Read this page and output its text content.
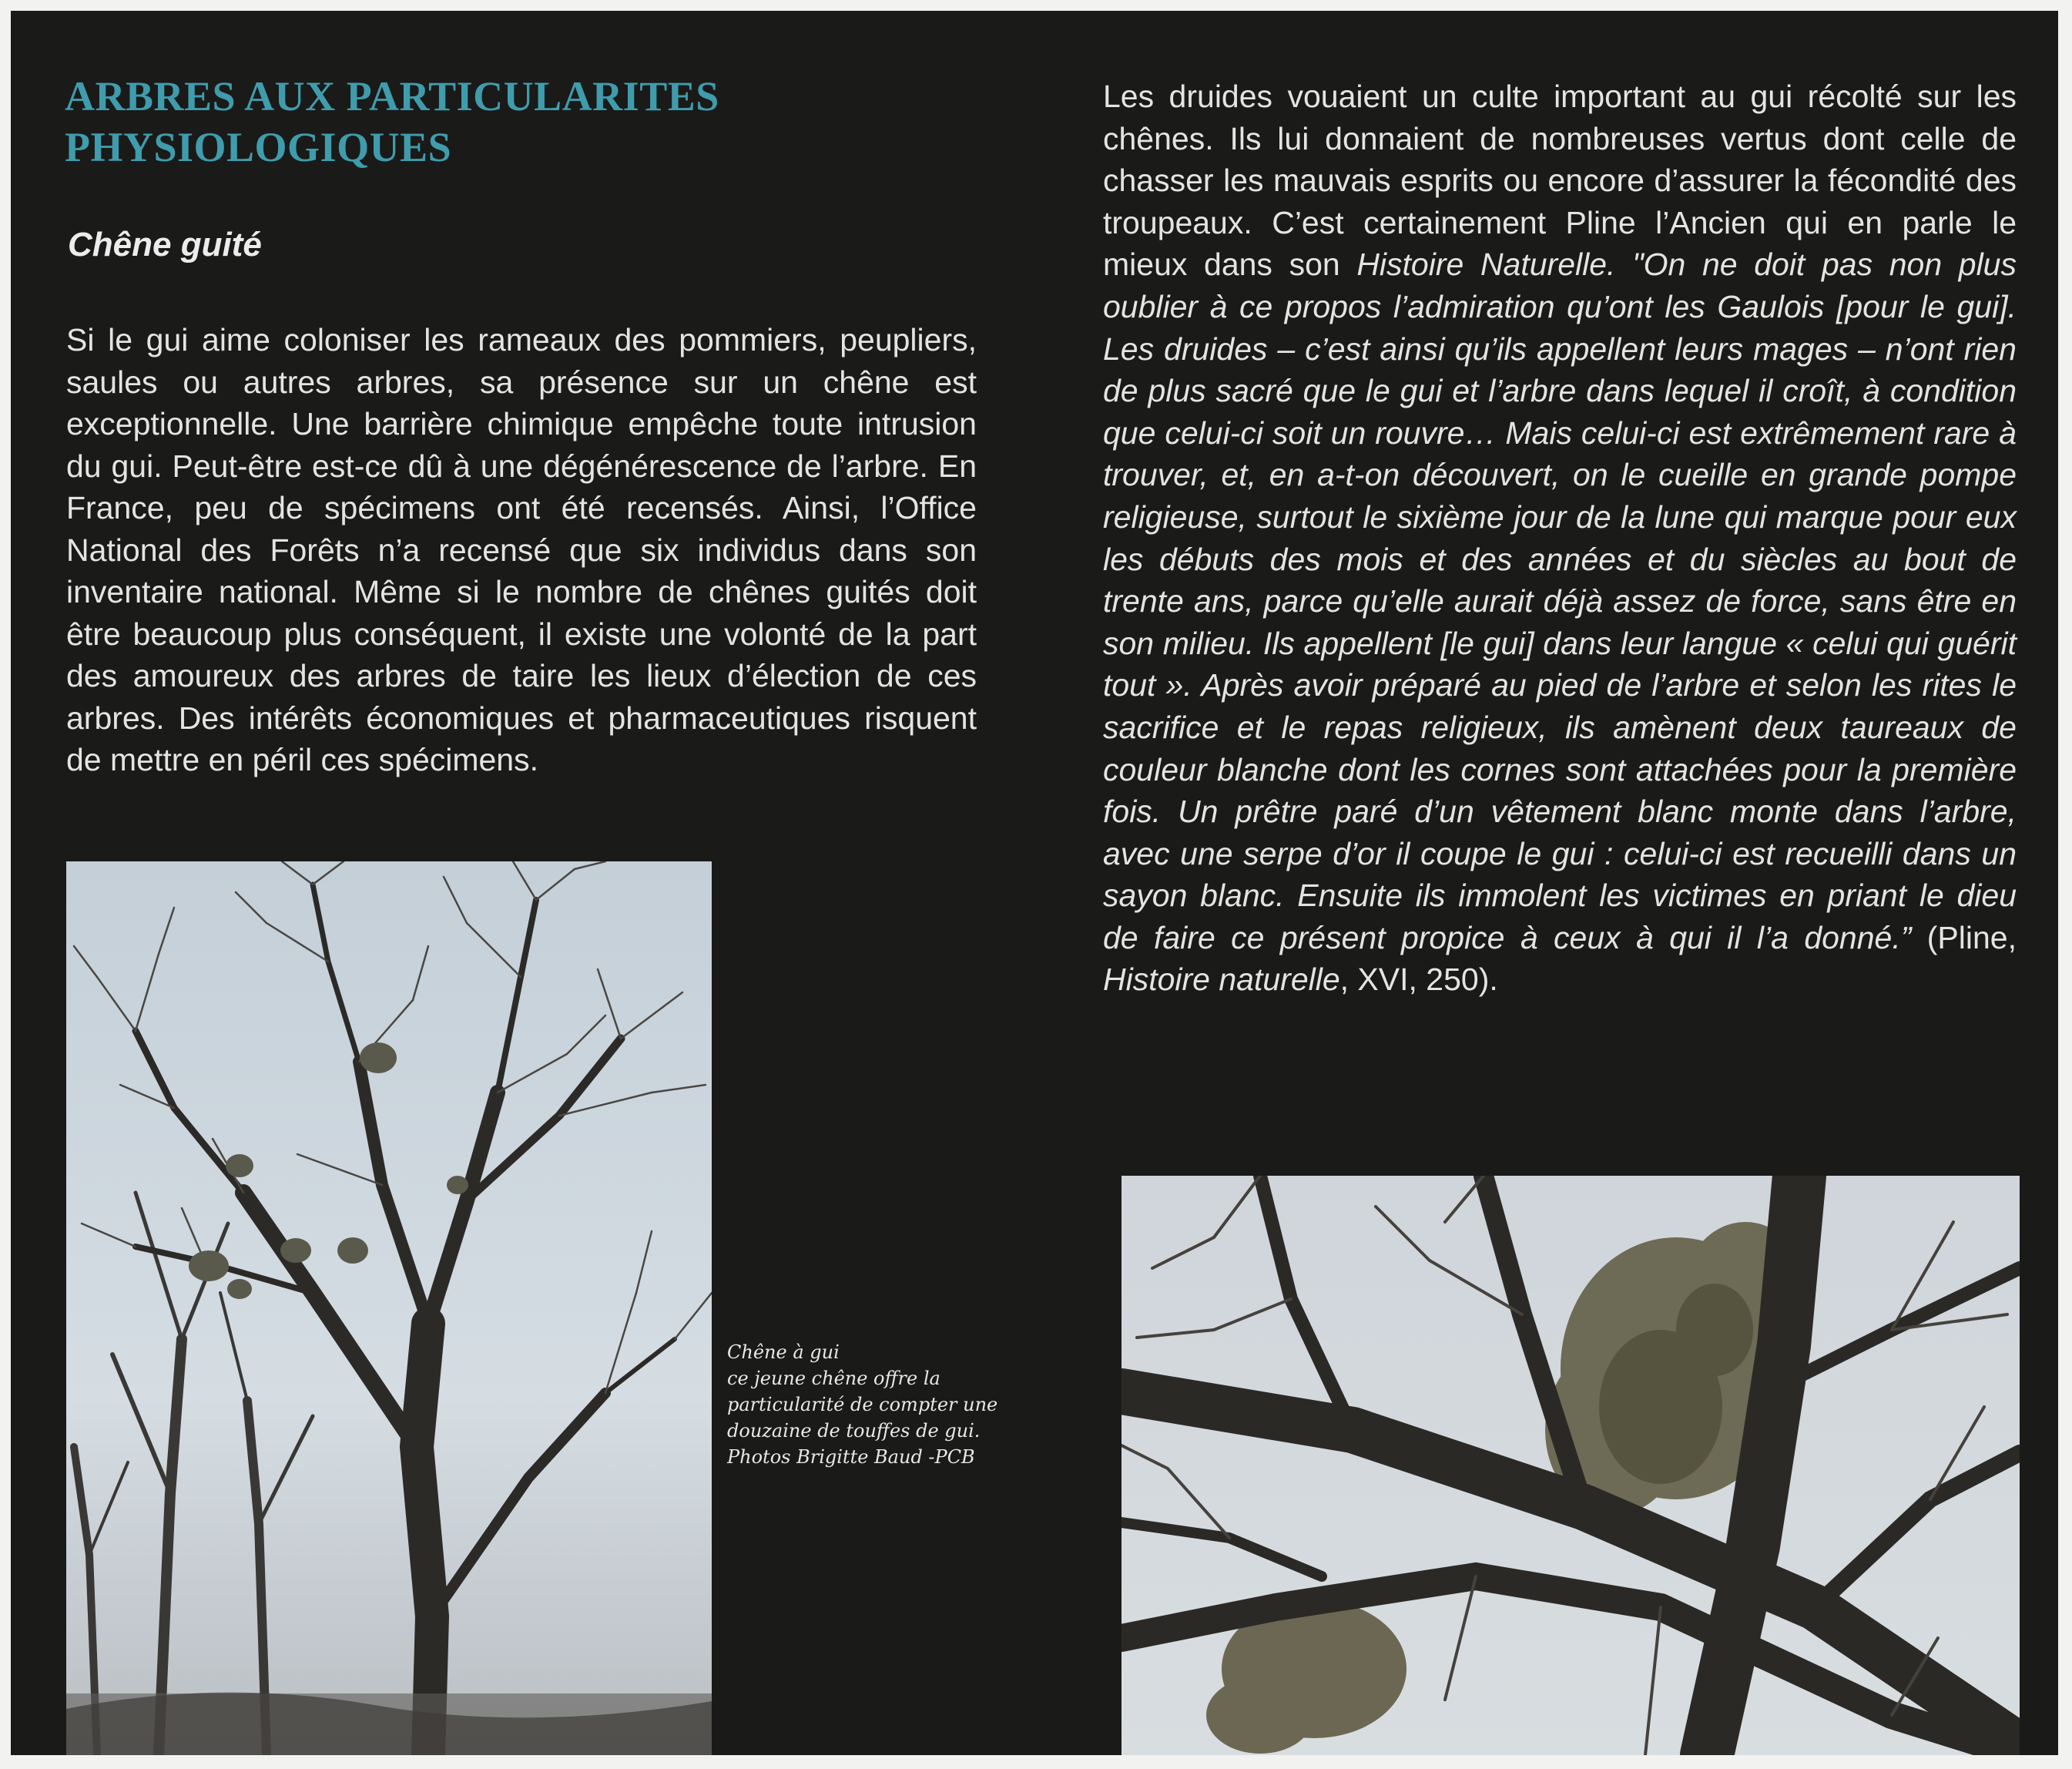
ARBRES AUX PARTICULARITES PHYSIOLOGIQUES
Chêne guité

Si le gui aime coloniser les rameaux des pommiers, peupliers, saules ou autres arbres, sa présence sur un chêne est exceptionnelle. Une barrière chimique empêche toute intrusion du gui. Peut-être est-ce dû à une dégénérescence de l’arbre. En France, peu de spécimens ont été recensés. Ainsi, l’Office National des Forêts n’a recensé que six individus dans son inventaire national. Même si le nombre de chênes guités doit être beaucoup plus conséquent, il existe une volonté de la part des amoureux des arbres de taire les lieux d’élection de ces arbres. Des intérêts économiques et pharmaceutiques risquent de mettre en péril ces spécimens.

Les druides vouaient un culte important au gui récolté sur les chênes. Ils lui donnaient de nombreuses vertus dont celle de chasser les mauvais esprits ou encore d’assurer la fécondité des troupeaux. C’est certainement Pline l’Ancien qui en parle le mieux dans son Histoire Naturelle. "On ne doit pas non plus oublier à ce propos l’admiration qu’ont les Gaulois [pour le gui]. Les druides – c’est ainsi qu’ils appellent leurs mages – n’ont rien de plus sacré que le gui et l’arbre dans lequel il croît, à condition que celui-ci soit un rouvre… Mais celui-ci est extrêmement rare à trouver, et, en a-t-on découvert, on le cueille en grande pompe religieuse, surtout le sixième jour de la lune qui marque pour eux les débuts des mois et des années et du siècles au bout de trente ans, parce qu’elle aurait déjà assez de force, sans être en son milieu. Ils appellent [le gui] dans leur langue « celui qui guérit tout ». Après avoir préparé au pied de l’arbre et selon les rites le sacrifice et le repas religieux, ils amènent deux taureaux de couleur blanche dont les cornes sont attachées pour la première fois. Un prêtre paré d’un vêtement blanc monte dans l’arbre, avec une serpe d’or il coupe le gui : celui-ci est recueilli dans un sayon blanc. Ensuite ils immolent les victimes en priant le dieu de faire ce présent propice à ceux à qui il l’a donné.” (Pline, Histoire naturelle, XVI, 250).

Chêne à gui
ce jeune chêne offre la
particularité de compter une
douzaine de touffes de gui.
Photos Brigitte Baud -PCB
